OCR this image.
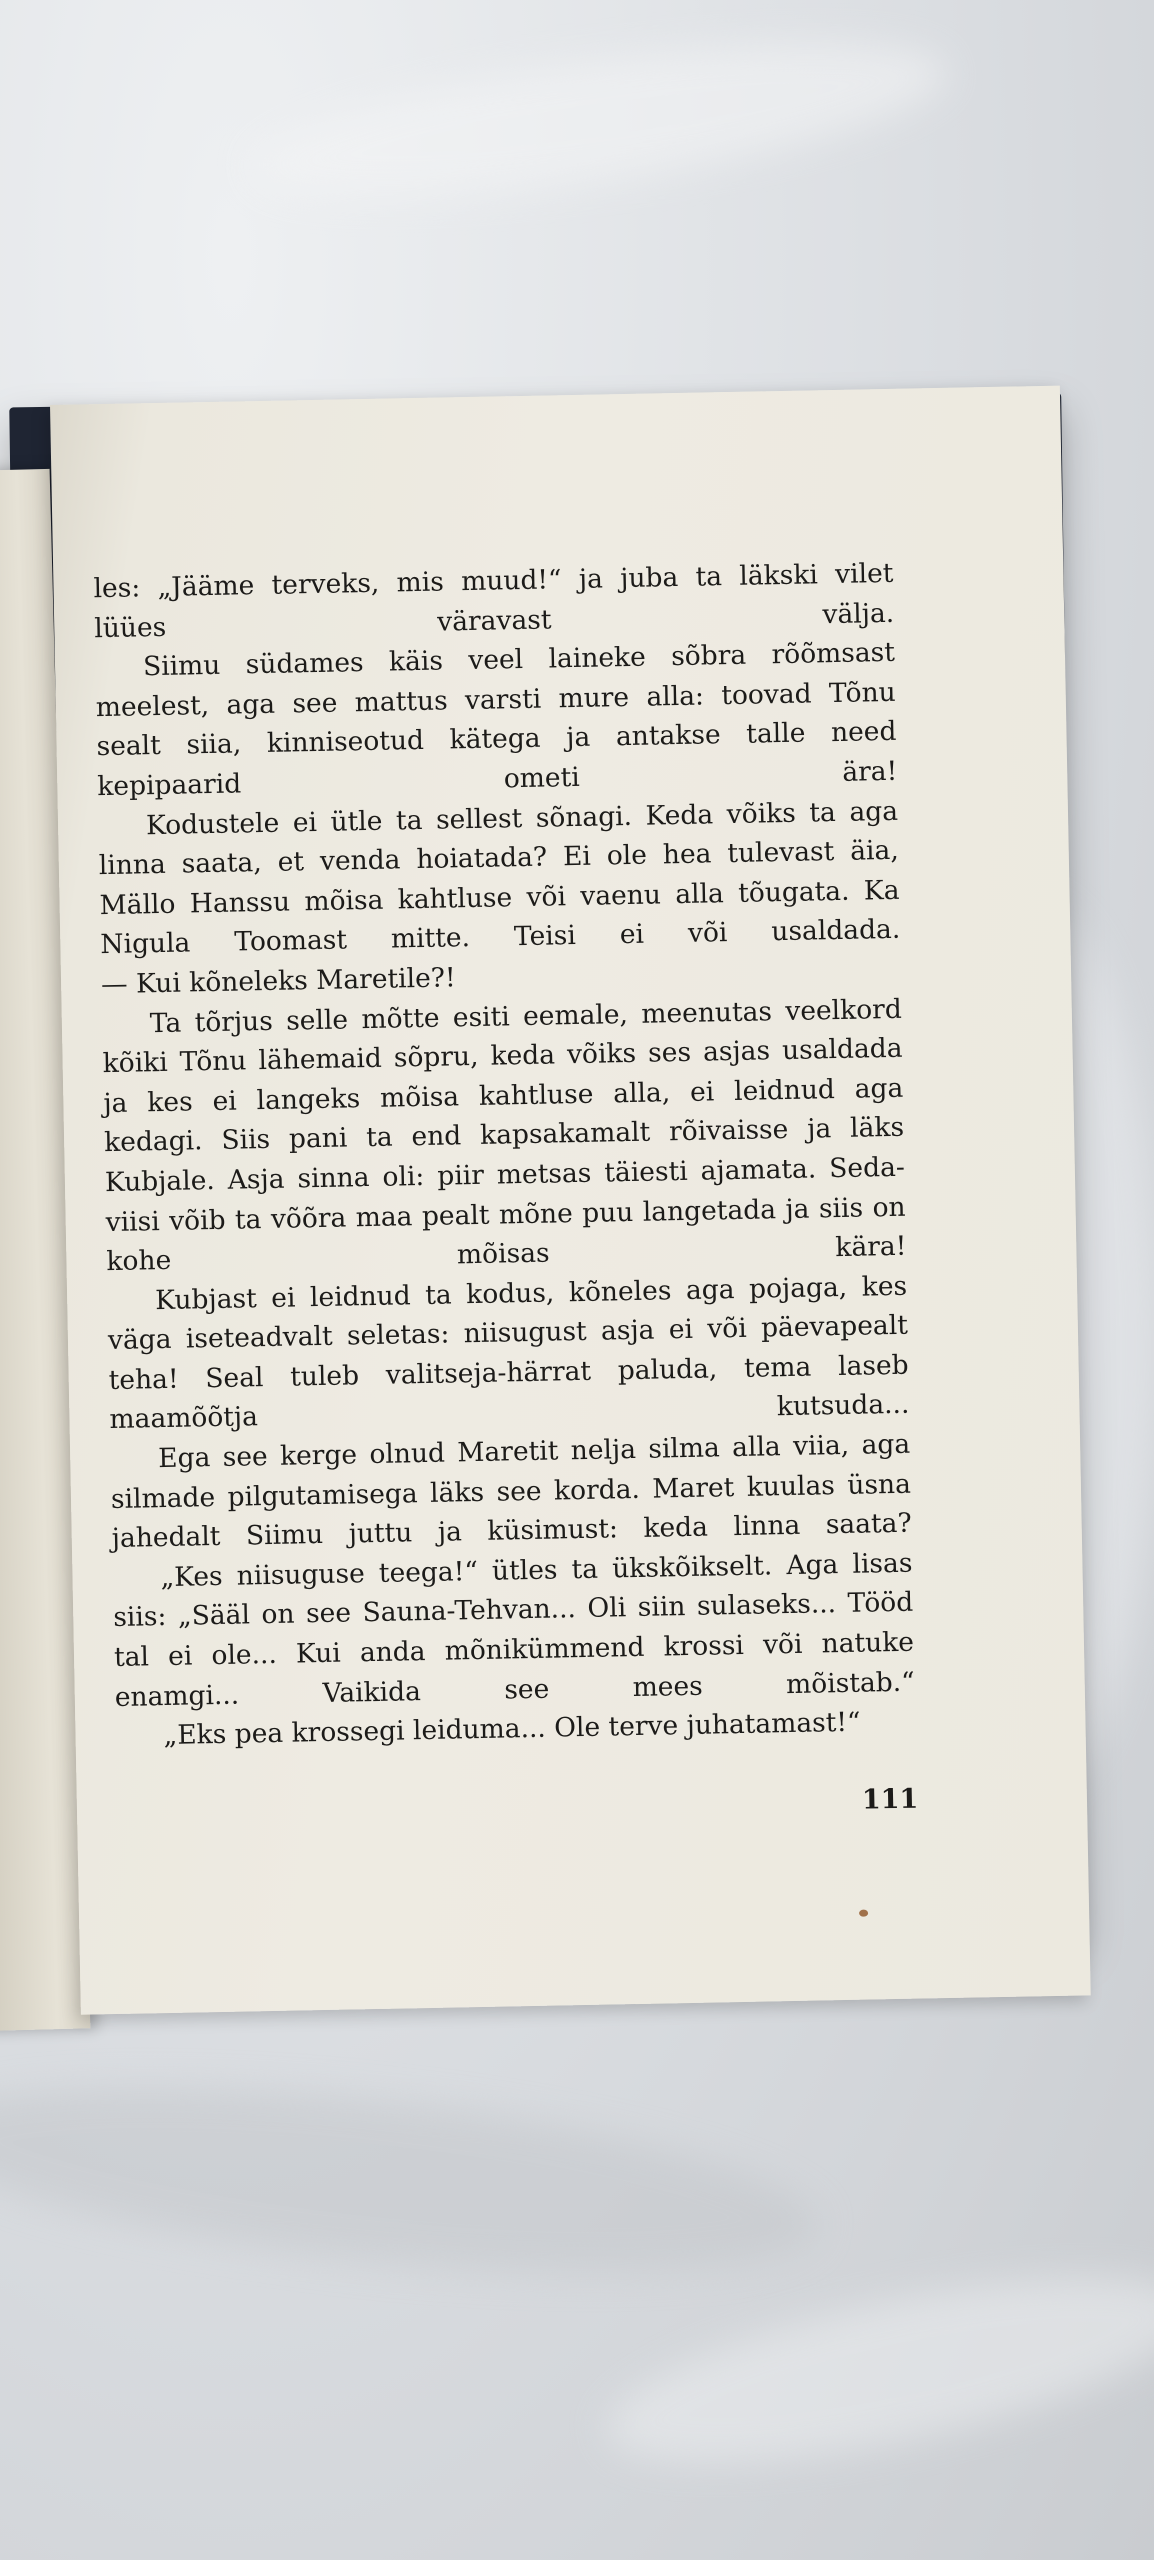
les: „Jääme terveks, mis muud!“ ja juba ta läkski vilet lüües väravast välja.

Siimu südames käis veel laineke sõbra rõõmsast meelest, aga see mattus varsti mure alla: toovad Tõnu sealt siia, kinniseotud kätega ja antakse talle need kepipaarid ometi ära!

Kodustele ei ütle ta sellest sõnagi. Keda võiks ta aga linna saata, et venda hoiatada? Ei ole hea tulevast äia, Mällo Hanssu mõisa kahtluse või vaenu alla tõugata. Ka Nigula Toomast mitte. Teisi ei või usaldada.

— Kui kõneleks Maretile?!

Ta tõrjus selle mõtte esiti eemale, meenutas veelkord kõiki Tõnu lähemaid sõpru, keda võiks ses asjas usaldada ja kes ei langeks mõisa kahtluse alla, ei leidnud aga kedagi. Siis pani ta end kapsakamalt rõivaisse ja läks Kubjale. Asja sinna oli: piir metsas täiesti ajamata. Seda-viisi võib ta võõra maa pealt mõne puu langetada ja siis on kohe mõisas kära!

Kubjast ei leidnud ta kodus, kõneles aga pojaga, kes väga iseteadvalt seletas: niisugust asja ei või päevapealt teha! Seal tuleb valitseja-härrat paluda, tema laseb maamõõtja kutsuda...

Ega see kerge olnud Maretit nelja silma alla viia, aga silmade pilgutamisega läks see korda. Maret kuulas üsna jahedalt Siimu juttu ja küsimust: keda linna saata?

„Kes niisuguse teega!“ ütles ta ükskõikselt. Aga lisas siis: „Sääl on see Sauna-Tehvan... Oli siin sulaseks... Tööd tal ei ole... Kui anda mõnikümmend krossi või natuke enamgi... Vaikida see mees mõistab.“

„Eks pea krossegi leiduma... Ole terve juhatamast!“

111
